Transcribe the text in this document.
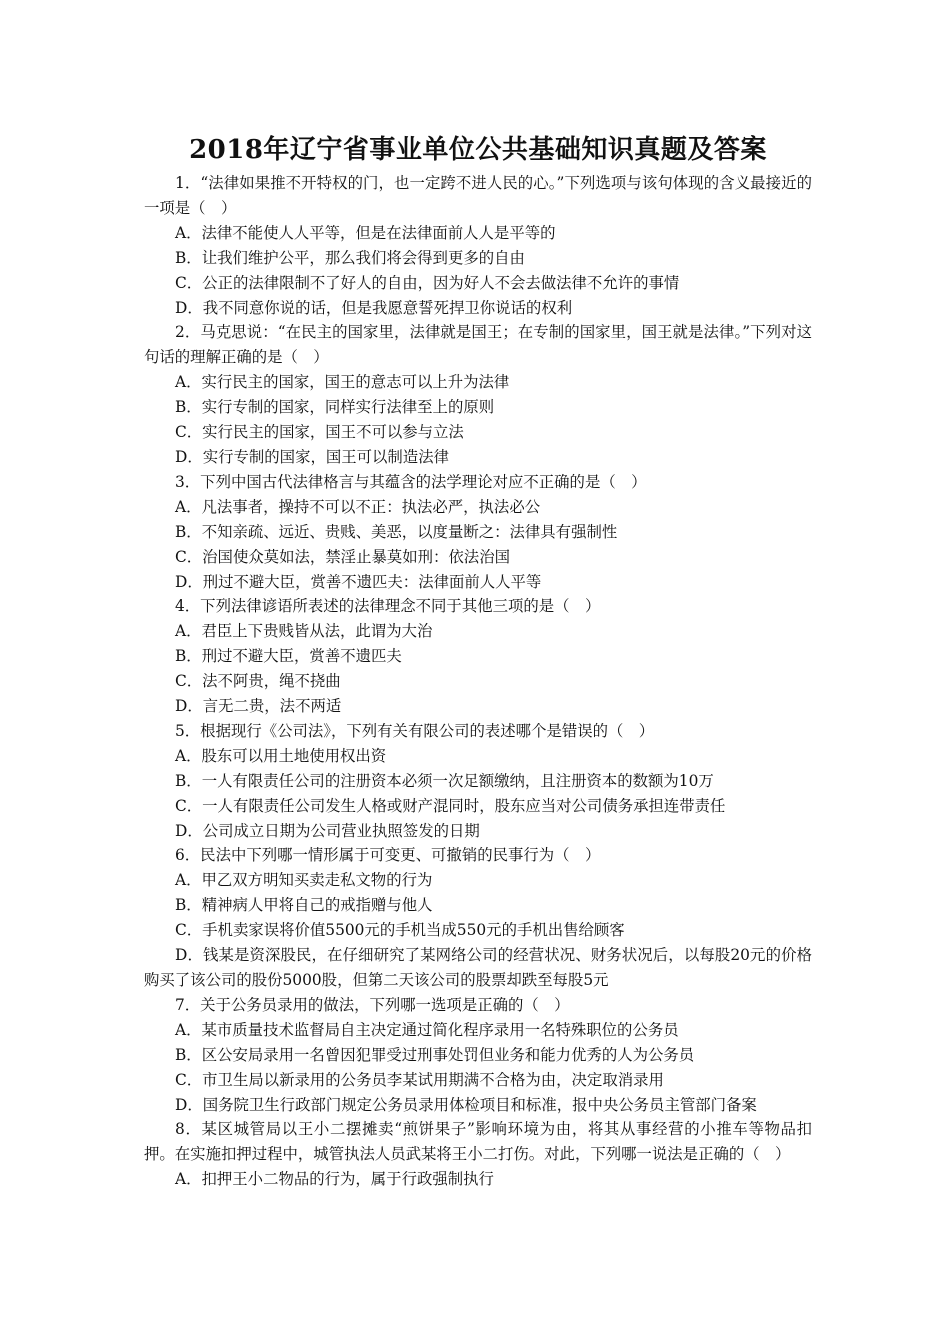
2018年辽宁省事业单位公共基础知识真题及答案

1．“法律如果推不开特权的门，也一定跨不进人民的心。”下列选项与该句体现的含义最接近的一项是（　）

A．法律不能使人人平等，但是在法律面前人人是平等的

B．让我们维护公平，那么我们将会得到更多的自由

C．公正的法律限制不了好人的自由，因为好人不会去做法律不允许的事情

D．我不同意你说的话，但是我愿意誓死捍卫你说话的权利

2．马克思说：“在民主的国家里，法律就是国王；在专制的国家里，国王就是法律。”下列对这句话的理解正确的是（　）

A．实行民主的国家，国王的意志可以上升为法律

B．实行专制的国家，同样实行法律至上的原则

C．实行民主的国家，国王不可以参与立法

D．实行专制的国家，国王可以制造法律

3．下列中国古代法律格言与其蕴含的法学理论对应不正确的是（　）

A．凡法事者，操持不可以不正：执法必严，执法必公

B．不知亲疏、远近、贵贱、美恶，以度量断之：法律具有强制性

C．治国使众莫如法，禁淫止暴莫如刑：依法治国

D．刑过不避大臣，赏善不遗匹夫：法律面前人人平等

4．下列法律谚语所表述的法律理念不同于其他三项的是（　）

A．君臣上下贵贱皆从法，此谓为大治

B．刑过不避大臣，赏善不遗匹夫

C．法不阿贵，绳不挠曲

D．言无二贵，法不两适

5．根据现行《公司法》，下列有关有限公司的表述哪个是错误的（　）

A．股东可以用土地使用权出资

B．一人有限责任公司的注册资本必须一次足额缴纳，且注册资本的数额为10万

C．一人有限责任公司发生人格或财产混同时，股东应当对公司债务承担连带责任

D．公司成立日期为公司营业执照签发的日期

6．民法中下列哪一情形属于可变更、可撤销的民事行为（　）

A．甲乙双方明知买卖走私文物的行为

B．精神病人甲将自己的戒指赠与他人

C．手机卖家误将价值5500元的手机当成550元的手机出售给顾客

D．钱某是资深股民，在仔细研究了某网络公司的经营状况、财务状况后，以每股20元的价格购买了该公司的股份5000股，但第二天该公司的股票却跌至每股5元

7．关于公务员录用的做法，下列哪一选项是正确的（　）

A．某市质量技术监督局自主决定通过简化程序录用一名特殊职位的公务员

B．区公安局录用一名曾因犯罪受过刑事处罚但业务和能力优秀的人为公务员

C．市卫生局以新录用的公务员李某试用期满不合格为由，决定取消录用

D．国务院卫生行政部门规定公务员录用体检项目和标准，报中央公务员主管部门备案

8．某区城管局以王小二摆摊卖“煎饼果子”影响环境为由，将其从事经营的小推车等物品扣押。在实施扣押过程中，城管执法人员武某将王小二打伤。对此，下列哪一说法是正确的（　）

A．扣押王小二物品的行为，属于行政强制执行
